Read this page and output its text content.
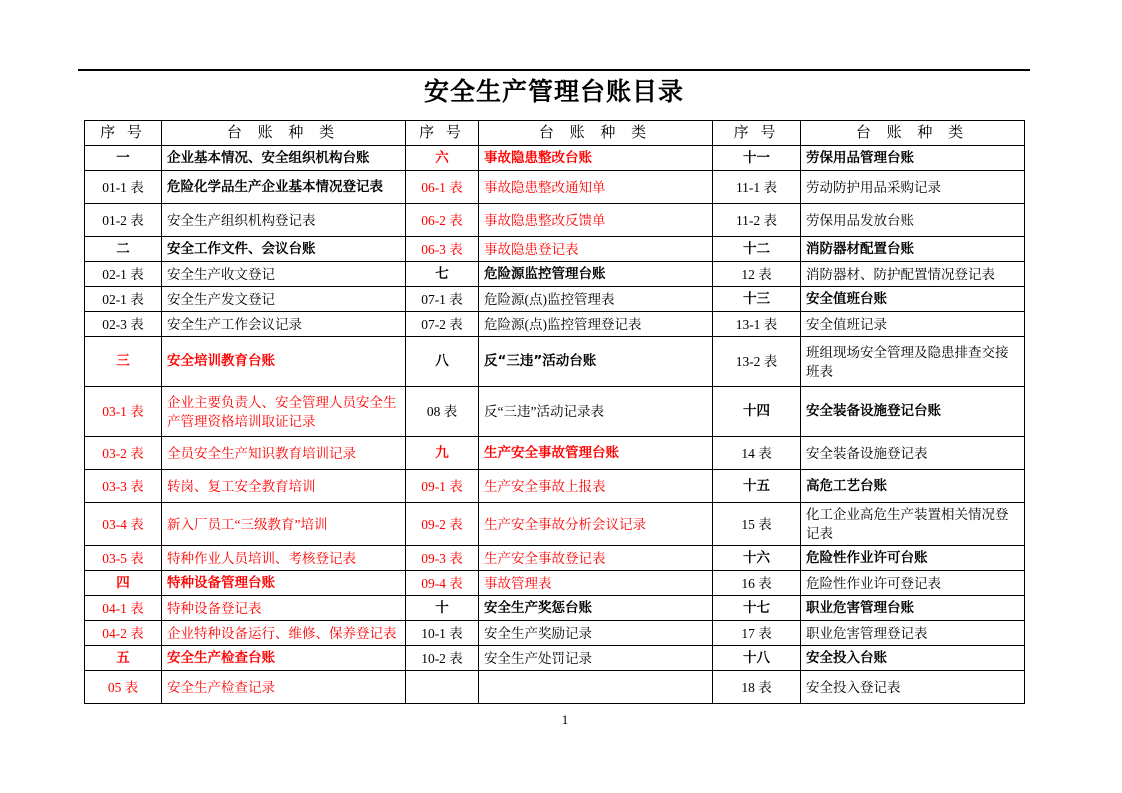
安全生产管理台账目录
序 号	台 账 种 类	序 号	台 账 种 类	序 号	台 账 种 类
一	企业基本情况、安全组织机构台账	六	事故隐患整改台账	十一	劳保用品管理台账
01-1 表	危险化学品生产企业基本情况登记表	06-1 表	事故隐患整改通知单	11-1 表	劳动防护用品采购记录
01-2 表	安全生产组织机构登记表	06-2 表	事故隐患整改反馈单	11-2 表	劳保用品发放台账
二	安全工作文件、会议台账	06-3 表	事故隐患登记表	十二	消防器材配置台账
02-1 表	安全生产收文登记	七	危险源监控管理台账	12 表	消防器材、防护配置情况登记表
02-1 表	安全生产发文登记	07-1 表	危险源(点)监控管理表	十三	安全值班台账
02-3 表	安全生产工作会议记录	07-2 表	危险源(点)监控管理登记表	13-1 表	安全值班记录
三	安全培训教育台账	八	反“三违”活动台账	13-2 表	班组现场安全管理及隐患排查交接班表
03-1 表	企业主要负责人、安全管理人员安全生产管理资格培训取证记录	08 表	反“三违”活动记录表	十四	安全装备设施登记台账
03-2 表	全员安全生产知识教育培训记录	九	生产安全事故管理台账	14 表	安全装备设施登记表
03-3 表	转岗、复工安全教育培训	09-1 表	生产安全事故上报表	十五	高危工艺台账
03-4 表	新入厂员工“三级教育”培训	09-2 表	生产安全事故分析会议记录	15 表	化工企业高危生产装置相关情况登记表
03-5 表	特种作业人员培训、考核登记表	09-3 表	生产安全事故登记表	十六	危险性作业许可台账
四	特种设备管理台账	09-4 表	事故管理表	16 表	危险性作业许可登记表
04-1 表	特种设备登记表	十	安全生产奖惩台账	十七	职业危害管理台账
04-2 表	企业特种设备运行、维修、保养登记表	10-1 表	安全生产奖励记录	17 表	职业危害管理登记表
五	安全生产检查台账	10-2 表	安全生产处罚记录	十八	安全投入台账
05 表	安全生产检查记录			18 表	安全投入登记表
1
